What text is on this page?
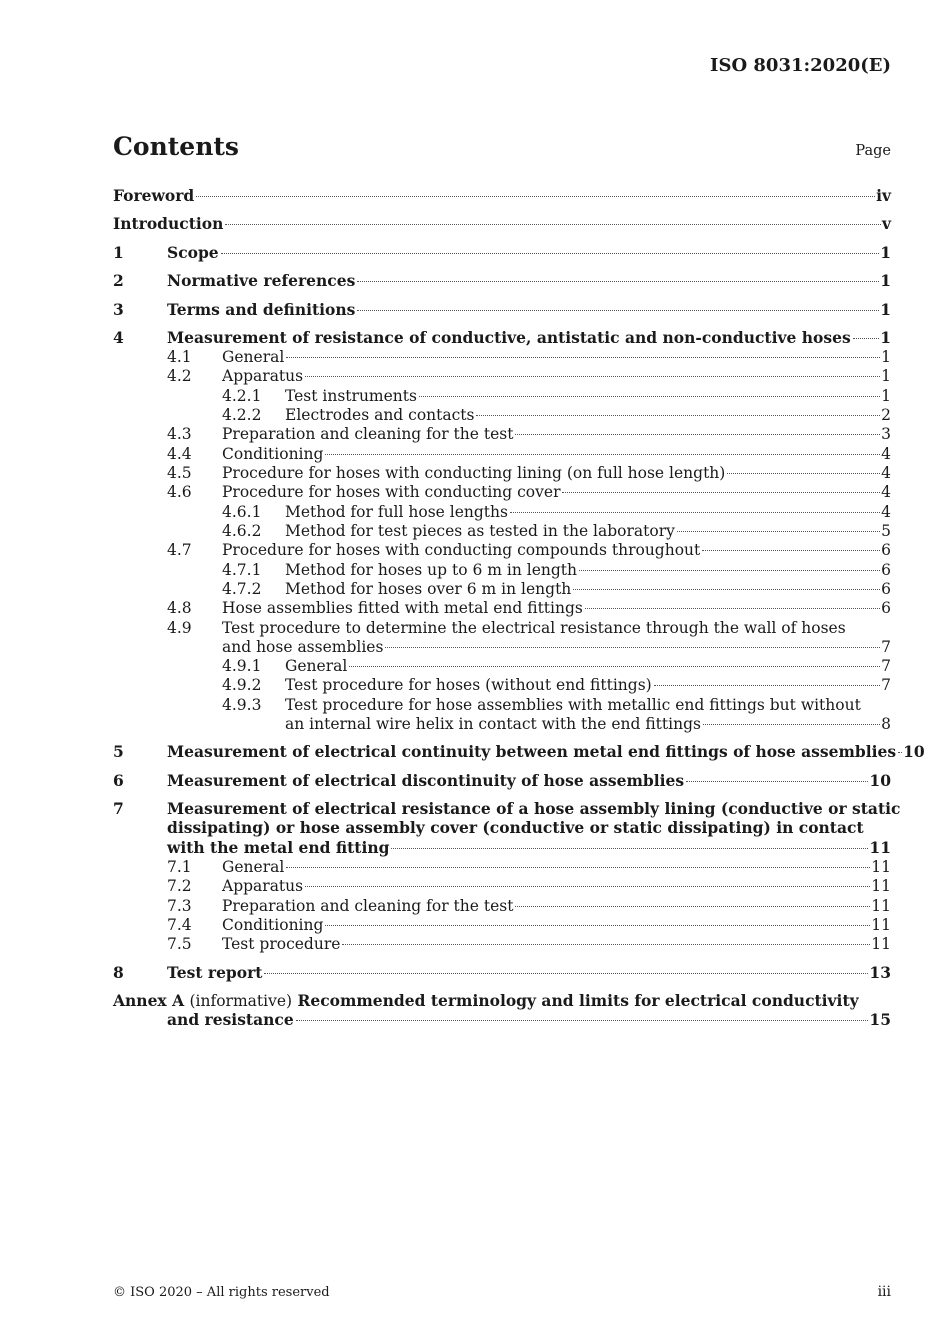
ISO 8031:2020(E)
Contents	Page
Foreword	iv
Introduction	v
1	Scope	1
2	Normative references	1
3	Terms and definitions	1
4	Measurement of resistance of conductive, antistatic and non-conductive hoses 1
4.1 General	1
4.2 Apparatus	1
4.2.1 Test instruments	1
4.2.2 Electrodes and contacts	2
4.3 Preparation and cleaning for the test	3
4.4 Conditioning	4
4.5 Procedure for hoses with conducting lining (on full hose length)	4
4.6 Procedure for hoses with conducting cover	4
4.6.1 Method for full hose lengths	4
4.6.2 Method for test pieces as tested in the laboratory	5
4.7 Procedure for hoses with conducting compounds throughout	6
4.7.1 Method for hoses up to 6 m in length	6
4.7.2 Method for hoses over 6 m in length	6
4.8 Hose assemblies fitted with metal end fittings	6
4.9 Test procedure to determine the electrical resistance through the wall of hoses
and hose assemblies	7
4.9.1 General	7
4.9.2 Test procedure for hoses (without end fittings)	7
4.9.3 Test procedure for hose assemblies with metallic end fittings but without
an internal wire helix in contact with the end fittings	8
5	Measurement of electrical continuity between metal end fittings of hose assemblies 10
6	Measurement of electrical discontinuity of hose assemblies	10
7	Measurement of electrical resistance of a hose assembly lining (conductive or static
dissipating) or hose assembly cover (conductive or static dissipating) in contact
with the metal end fitting	11
7.1 General	11
7.2 Apparatus	11
7.3 Preparation and cleaning for the test	11
7.4 Conditioning	11
7.5 Test procedure	11
8	Test report	13
Annex A (informative) Recommended terminology and limits for electrical conductivity
and resistance	15
© ISO 2020 – All rights reserved	iii
